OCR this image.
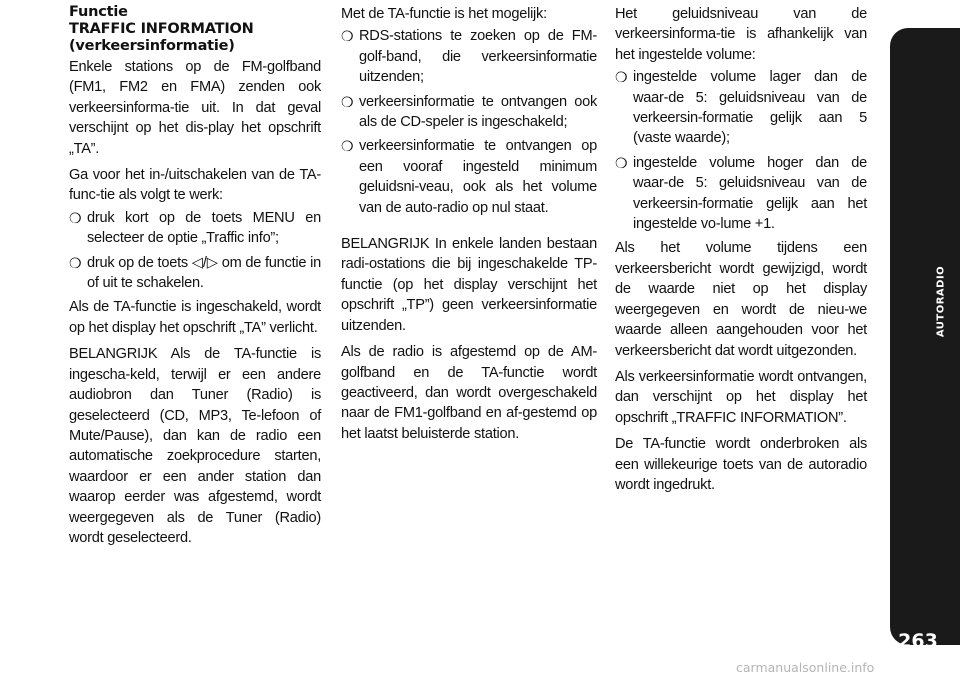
Functie
TRAFFIC INFORMATION
(verkeersinformatie)

Enkele stations op de FM-golfband (FM1, FM2 en FMA) zenden ook verkeersinforma-tie uit. In dat geval verschijnt op het dis-play het opschrift „TA”.

Ga voor het in-/uitschakelen van de TA-func-tie als volgt te werk:

❍ druk kort op de toets MENU en selecteer de optie „Traffic info”;
❍ druk op de toets ◁/▷ om de functie in of uit te schakelen.

Als de TA-functie is ingeschakeld, wordt op het display het opschrift „TA” verlicht.

BELANGRIJK Als de TA-functie is ingescha-keld, terwijl er een andere audiobron dan Tuner (Radio) is geselecteerd (CD, MP3, Te-lefoon of Mute/Pause), dan kan de radio een automatische zoekprocedure starten, waardoor er een ander station dan waarop eerder was afgestemd, wordt weergegeven als de Tuner (Radio) wordt geselecteerd.

Met de TA-functie is het mogelijk:

❍ RDS-stations te zoeken op de FM-golf-band, die verkeersinformatie uitzenden;
❍ verkeersinformatie te ontvangen ook als de CD-speler is ingeschakeld;
❍ verkeersinformatie te ontvangen op een vooraf ingesteld minimum geluidsni-veau, ook als het volume van de auto-radio op nul staat.

BELANGRIJK In enkele landen bestaan radi-ostations die bij ingeschakelde TP-functie (op het display verschijnt het opschrift „TP”) geen verkeersinformatie uitzenden.

Als de radio is afgestemd op de AM-golfband en de TA-functie wordt geactiveerd, dan wordt overgeschakeld naar de FM1-golfband en af-gestemd op het laatst beluisterde station.

Het geluidsniveau van de verkeersinforma-tie is afhankelijk van het ingestelde volume:

❍ ingestelde volume lager dan de waar-de 5: geluidsniveau van de verkeersin-formatie gelijk aan 5 (vaste waarde);
❍ ingestelde volume hoger dan de waar-de 5: geluidsniveau van de verkeersin-formatie gelijk aan het ingestelde vo-lume +1.

Als het volume tijdens een verkeersbericht wordt gewijzigd, wordt de waarde niet op het display weergegeven en wordt de nieu-we waarde alleen aangehouden voor het verkeersbericht dat wordt uitgezonden.

Als verkeersinformatie wordt ontvangen, dan verschijnt op het display het opschrift „TRAFFIC INFORMATION”.

De TA-functie wordt onderbroken als een willekeurige toets van de autoradio wordt ingedrukt.

AUTORADIO
263
carmanualsonline.info
